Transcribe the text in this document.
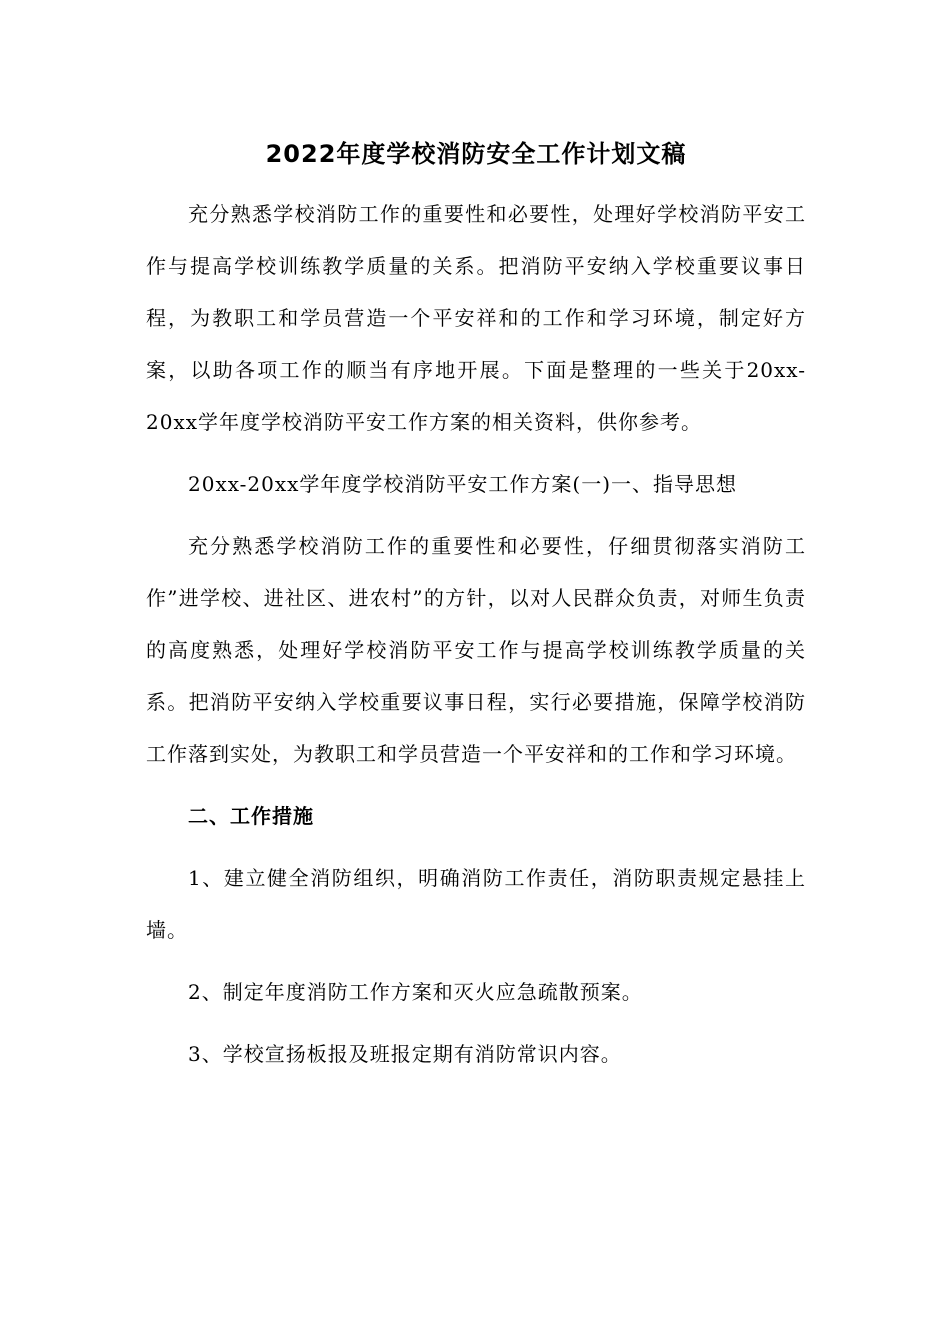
2022年度学校消防安全工作计划文稿

充分熟悉学校消防工作的重要性和必要性，处理好学校消防平安工作与提高学校训练教学质量的关系。把消防平安纳入学校重要议事日程，为教职工和学员营造一个平安祥和的工作和学习环境，制定好方案，以助各项工作的顺当有序地开展。下面是整理的一些关于20xx-20xx学年度学校消防平安工作方案的相关资料，供你参考。

20xx-20xx学年度学校消防平安工作方案(一)一、指导思想

充分熟悉学校消防工作的重要性和必要性，仔细贯彻落实消防工作”进学校、进社区、进农村”的方针，以对人民群众负责，对师生负责的高度熟悉，处理好学校消防平安工作与提高学校训练教学质量的关系。把消防平安纳入学校重要议事日程，实行必要措施，保障学校消防工作落到实处，为教职工和学员营造一个平安祥和的工作和学习环境。

二、工作措施

1、建立健全消防组织，明确消防工作责任，消防职责规定悬挂上墙。

2、制定年度消防工作方案和灭火应急疏散预案。

3、学校宣扬板报及班报定期有消防常识内容。
